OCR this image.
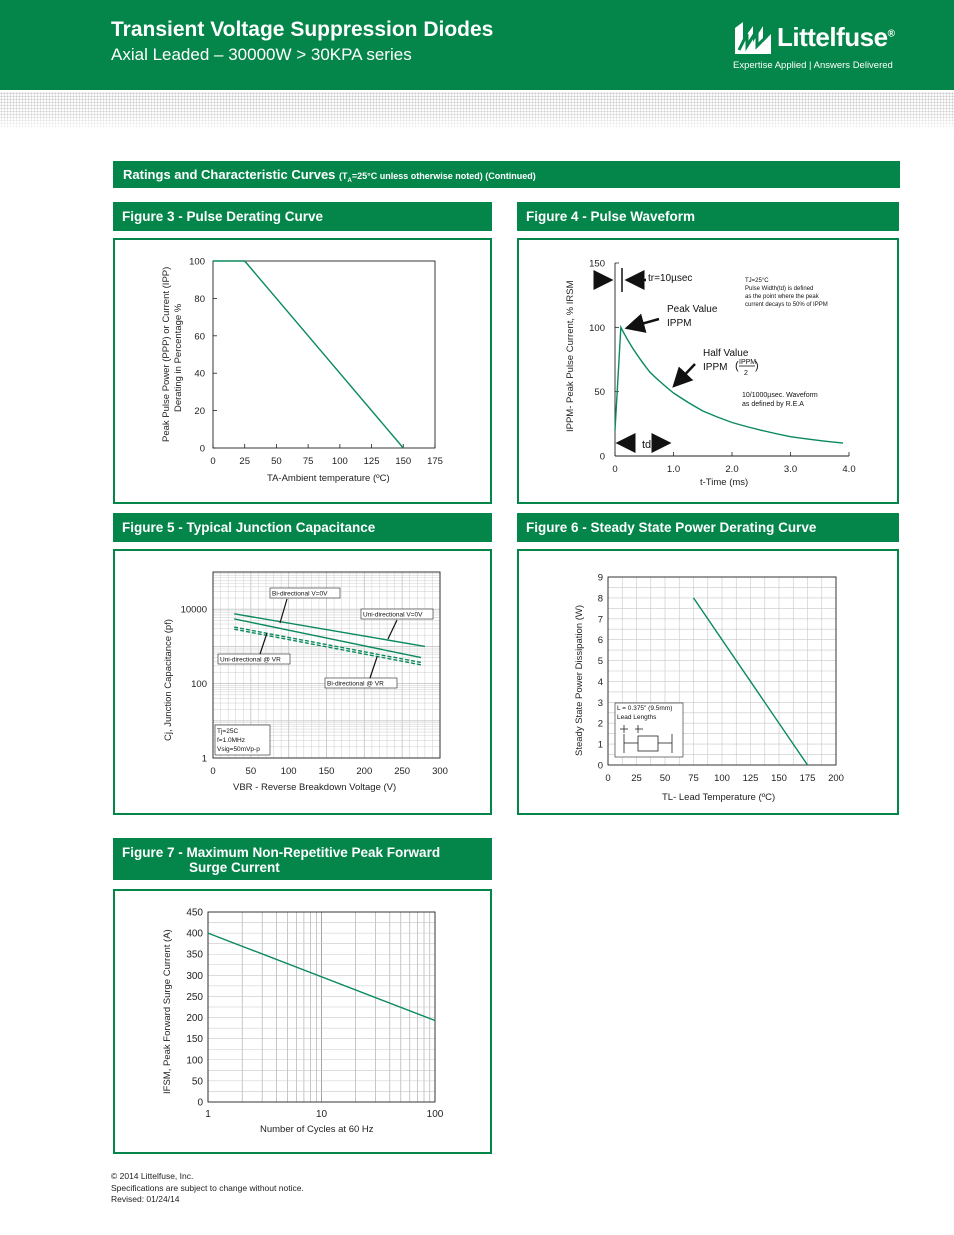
Transient Voltage Suppression Diodes
Axial Leaded – 30000W > 30KPA series
Littelfuse®
Expertise Applied | Answers Delivered
Ratings and Characteristic Curves ($T_A=25^\circ C$ unless otherwise noted) (Continued)
Figure 3 - Pulse Derating Curve
Peak Pulse Power (PPP) or Current (IPP) Derating in Percentage %
TA-Ambient temperature (ºC)
0	25 50 75 100 125 150 175
0
20
40
60
80
100
Figure 4 - Pulse Waveform
IPPM- Peak Pulse Current, % IRSM
t-Time (ms)
tr=10µsec
Peak Value
IPPM
Half Value
IPPM ( IPPM
2
)
td
TJ=25°C
Pulse Width(td) is defined
as the point where the peak
current decays to 50% of IPPM
10/1000µsec. Waveform
as defined by R.E.A
0	1.0	2.0	3.0	4.0
0
50
100
150
Figure 5 - Typical Junction Capacitance
Cj, Junction Capacitance (pf)
VBR - Reverse Breakdown Voltage (V)
0	50	100 150 200 250 300
1
100
10000
Bi-directional V=0V
Uni-directional V=0V
Uni-directional @ VR
Bi-directional @ VR
Tj=25C
f=1.0MHz
Vsig=50mVp-p
Figure 6 - Steady State Power Derating Curve
Steady State Power Dissipation (W)
TL- Lead Temperature (ºC)
0 25 50 75 100 125 150 175 200
0
1
2
3
4
5
6
7
8
9
L = 0.375" (9.5mm)
Lead Lengths
Figure 7 - Maximum Non-Repetitive Peak Forward
Surge Current
IFSM, Peak Forward Surge Current (A)
Number of Cycles at 60 Hz
1	10	100
0
50
100
150
200
250
300
350
400
450
© 2014 Littelfuse, Inc.
Specifications are subject to change without notice.
Revised: 01/24/14
